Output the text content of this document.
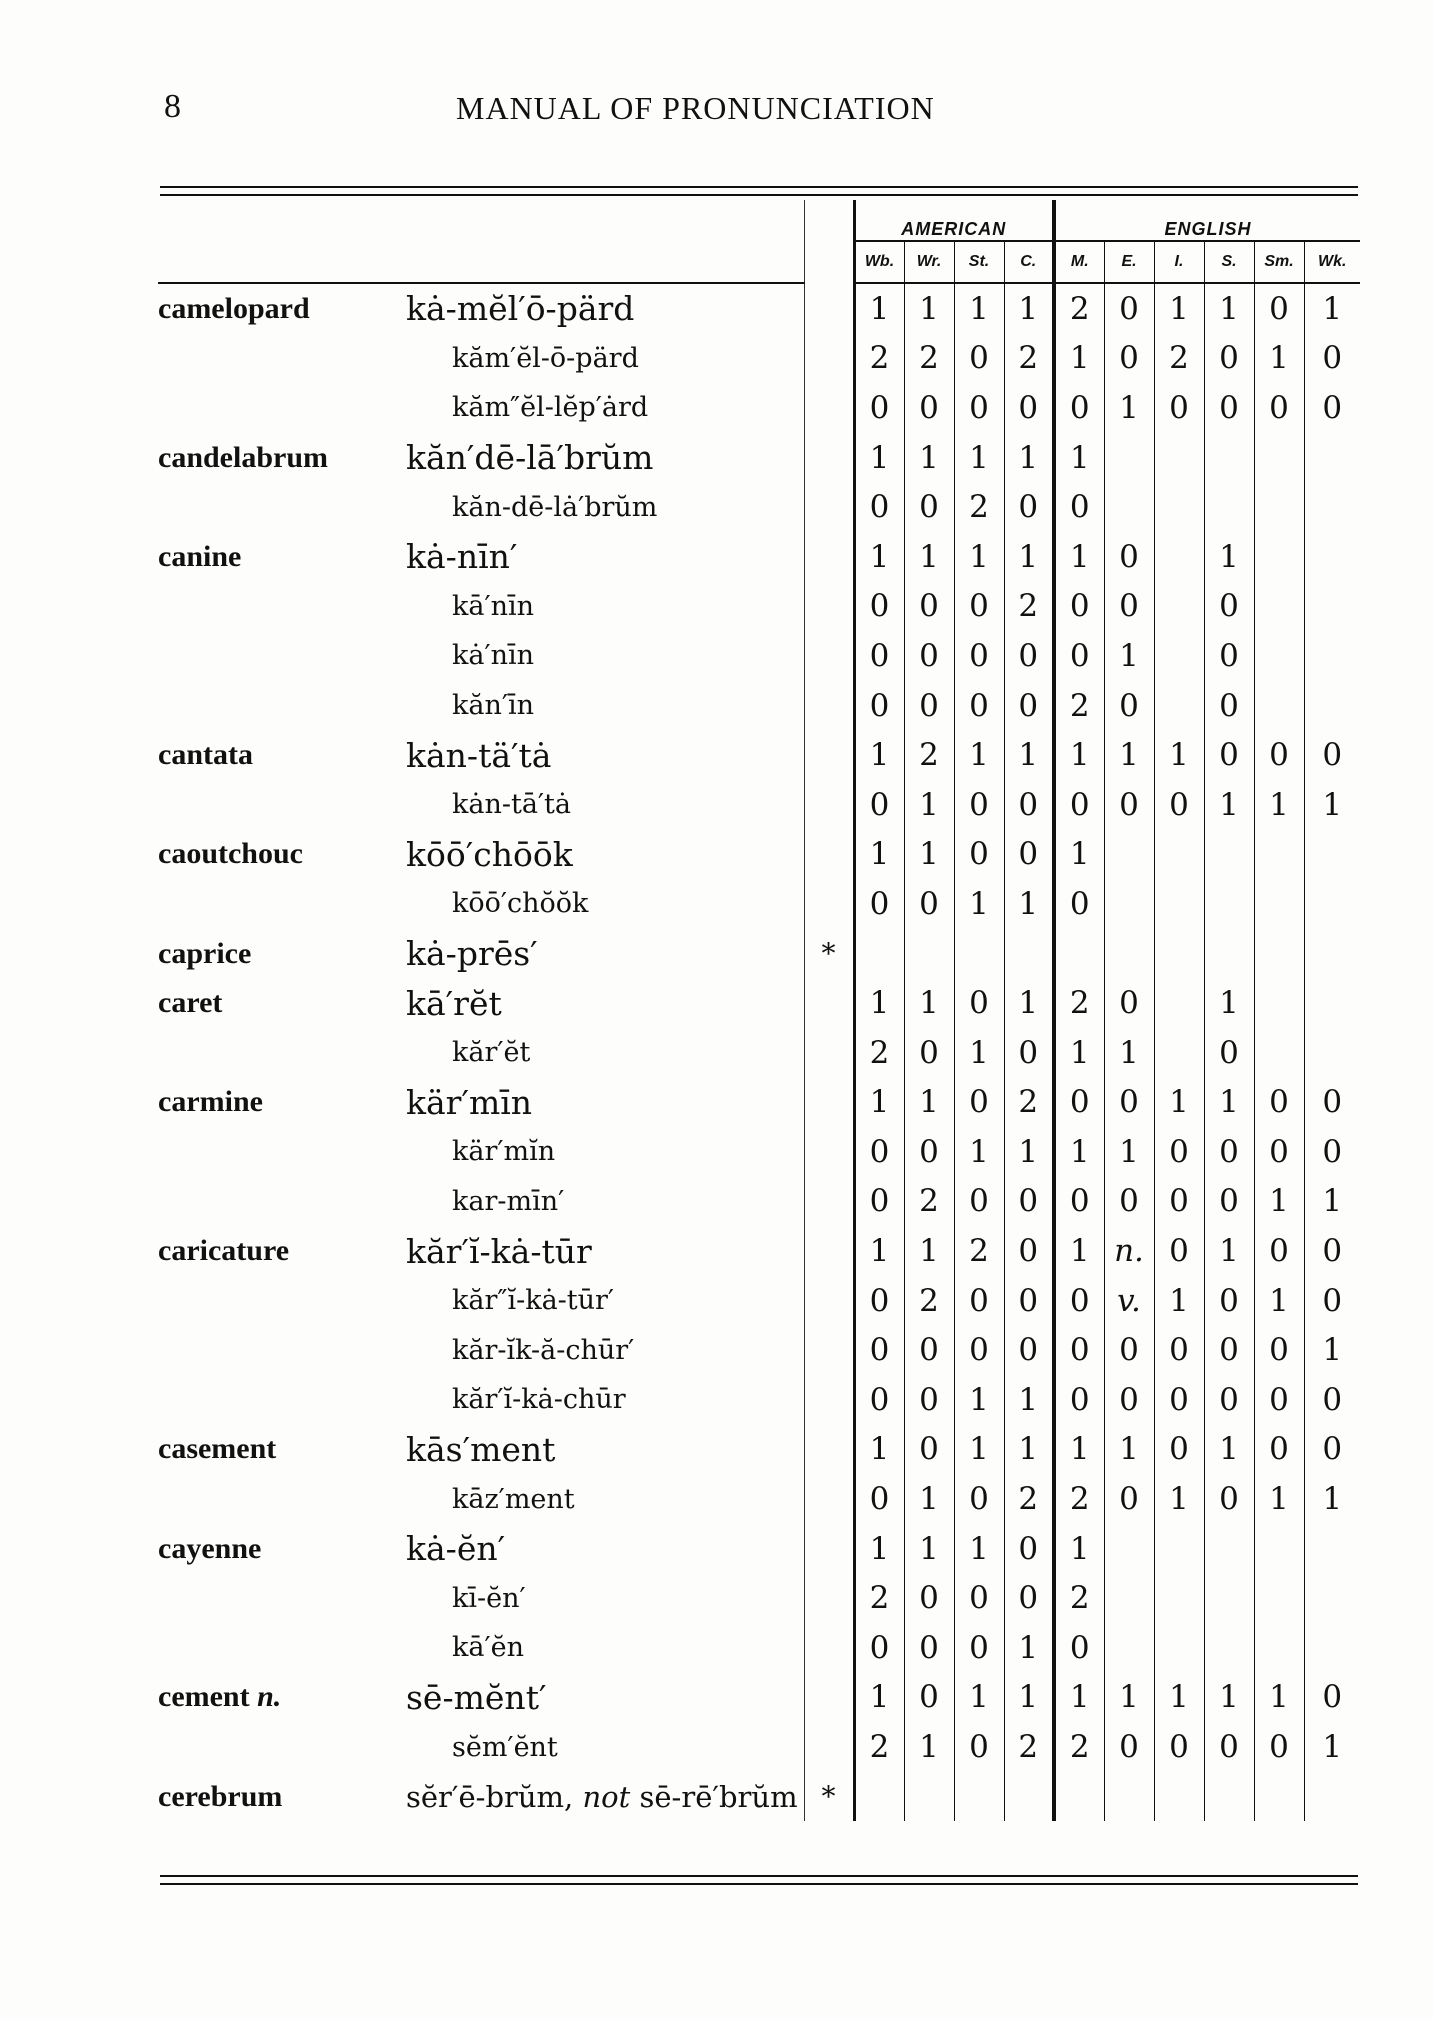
8	MANUAL OF PRONUNCIATION
			AMERICAN				ENGLISH					
			Wb.	Wr.	St.	C.	M.	E.	I.	S.	Sm.	Wk.
camelopard	kȧ-mĕl′ō-pärd		1	1	1	1	2	0	1	1	0	1
	kăm′ĕl-ō-pärd		2	2	0	2	1	0	2	0	1	0
	kăm″ĕl-lĕp′ȧrd		0	0	0	0	0	1	0	0	0	0
candelabrum	kăn′dē-lā′brŭm		1	1	1	1	1					
	kăn-dē-lȧ′brŭm		0	0	2	0	0					
canine	kȧ-nīn′		1	1	1	1	1	0		1		
	kā′nīn		0	0	0	2	0	0		0		
	kȧ′nīn		0	0	0	0	0	1		0		
	kăn′īn		0	0	0	0	2	0		0		
cantata	kȧn-tä′tȧ		1	2	1	1	1	1	1	0	0	0
	kȧn-tā′tȧ		0	1	0	0	0	0	0	1	1	1
caoutchouc	kōō′chōōk		1	1	0	0	1					
	kōō′chŏŏk		0	0	1	1	0					
caprice	kȧ-prēs′	*										
caret	kā′rĕt		1	1	0	1	2	0		1		
	kăr′ĕt		2	0	1	0	1	1		0		
carmine	kär′mīn		1	1	0	2	0	0	1	1	0	0
	kär′mĭn		0	0	1	1	1	1	0	0	0	0
	kar-mīn′		0	2	0	0	0	0	0	0	1	1
caricature	kăr′ĭ-kȧ-tūr		1	1	2	0	1	n.	0	1	0	0
	kăr″ĭ-kȧ-tūr′		0	2	0	0	0	v.	1	0	1	0
	kăr-ĭk-ă-chūr′		0	0	0	0	0	0	0	0	0	1
	kăr′ĭ-kȧ-chūr		0	0	1	1	0	0	0	0	0	0
casement	kās′ment		1	0	1	1	1	1	0	1	0	0
	kāz′ment		0	1	0	2	2	0	1	0	1	1
cayenne	kȧ-ĕn′		1	1	1	0	1					
	kī-ĕn′		2	0	0	0	2					
	kā′ĕn		0	0	0	1	0					
cement n.	sē-mĕnt′		1	0	1	1	1	1	1	1	1	0
	sĕm′ĕnt		2	1	0	2	2	0	0	0	0	1
cerebrum	sĕr′ē-brŭm, not sē-rē′brŭm	*										
